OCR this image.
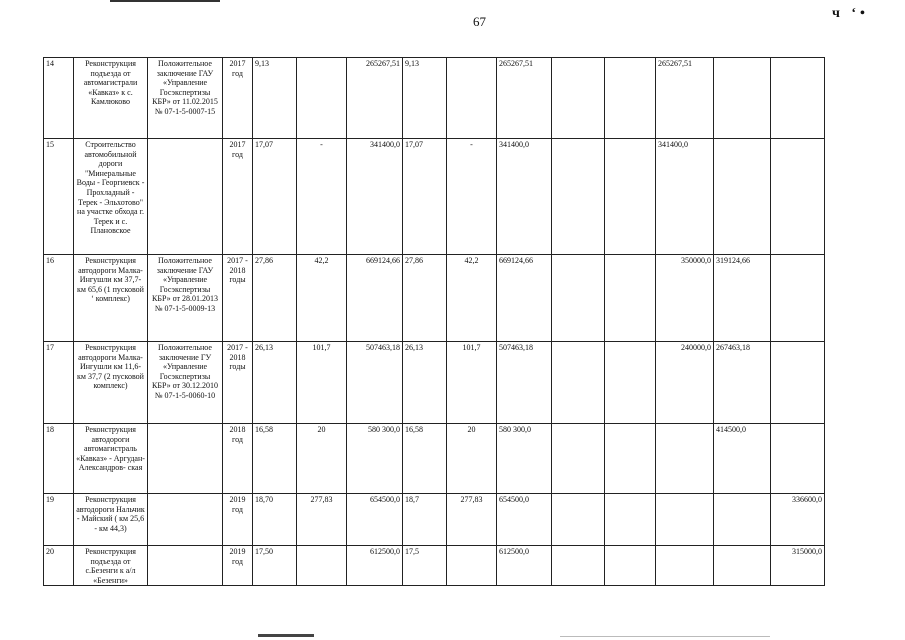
67
ч ‘•
14	Реконструкция подъезда от автомагистрали «Кавказ» к с. Камлюково	Положительное заключение ГАУ «Управление Госэкспертизы КБР» от 11.02.2015 № 07-1-5-0007-15	2017 год	9,13		265267,51	9,13		265267,51			265267,51		
15	Строительство автомобильной дороги "Минеральные Воды - Георгиевск - Прохладный - Терек - Эльхотово" на участке обхода г. Терек и с. Плановское		2017 год	17,07	-	341400,0	17,07	-	341400,0			341400,0		
16	Реконструкция автодороги Малка-Ингушли км 37,7- км 65,6 (1 пусковой ‘ комплекс)	Положительное заключение ГАУ «Управление Госэкспертизы КБР» от 28.01.2013 № 07-1-5-0009-13	2017 - 2018 годы	27,86	42,2	669124,66	27,86	42,2	669124,66			350000,0	319124,66	
17	Реконструкция автодороги Малка-Ингушли км 11,6- км 37,7 (2 пусковой комплекс)	Положительное заключение ГУ «Управление Госэкспертизы КБР» от 30.12.2010 № 07-1-5-0060-10	2017 - 2018 годы	26,13	101,7	507463,18	26,13	101,7	507463,18			240000,0	267463,18	
18	Реконструкция автодороги автомагистраль «Кавказ» - Аргудан- Александров- ская		2018 год	16,58	20	580 300,0	16,58	20	580 300,0				414500,0	
19	Реконструкция автодороги Нальчик - Майский ( км 25,6 - км 44,3)		2019 год	18,70	277,83	654500,0	18,7	277,83	654500,0					336600,0
20	Реконструкция подъезда от с.Безенги к а/л «Безенги»		2019 год	17,50		612500,0	17,5		612500,0					315000,0
